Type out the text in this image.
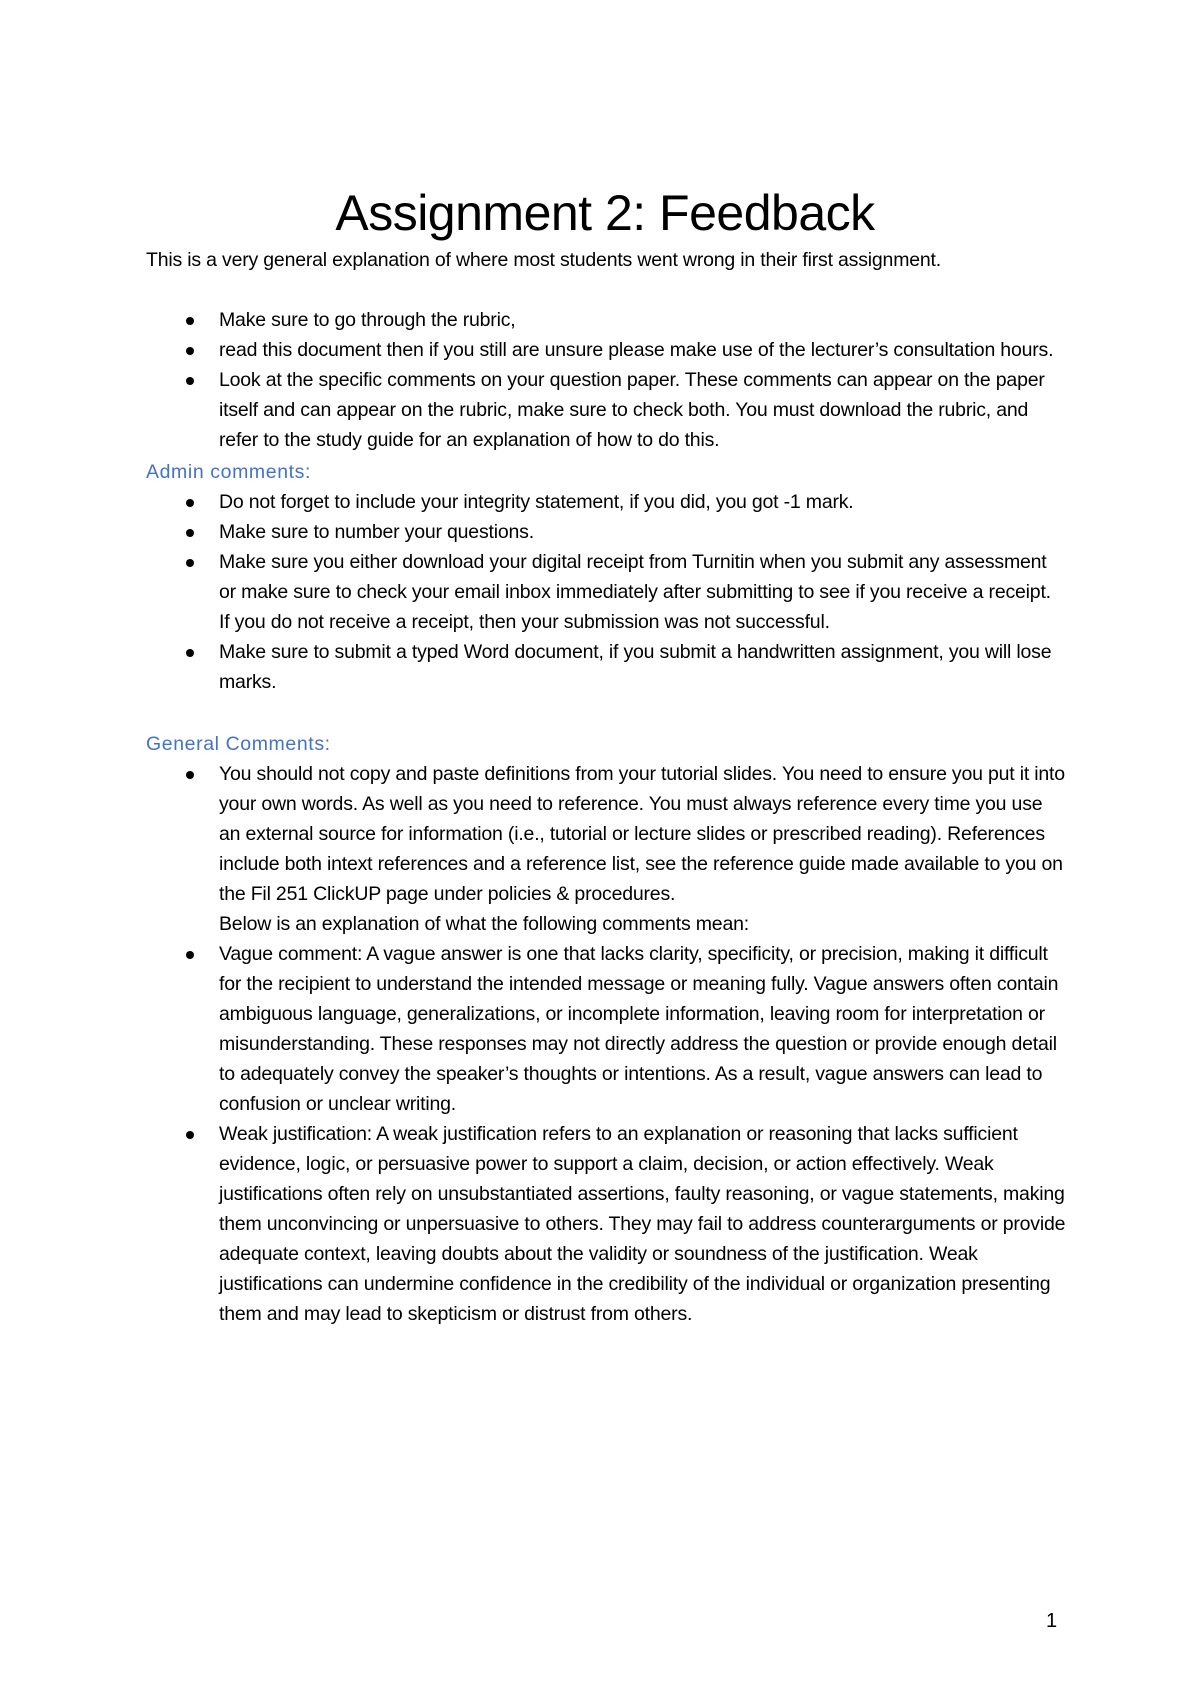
Assignment 2: Feedback

This is a very general explanation of where most students went wrong in their first assignment.

Make sure to go through the rubric,
read this document then if you still are unsure please make use of the lecturer’s consultation hours.
Look at the specific comments on your question paper. These comments can appear on the paper itself and can appear on the rubric, make sure to check both. You must download the rubric, and refer to the study guide for an explanation of how to do this.

Admin comments:

Do not forget to include your integrity statement, if you did, you got -1 mark.
Make sure to number your questions.
Make sure you either download your digital receipt from Turnitin when you submit any assessment or make sure to check your email inbox immediately after submitting to see if you receive a receipt. If you do not receive a receipt, then your submission was not successful.
Make sure to submit a typed Word document, if you submit a handwritten assignment, you will lose marks.

General Comments:

You should not copy and paste definitions from your tutorial slides. You need to ensure you put it into your own words. As well as you need to reference. You must always reference every time you use an external source for information (i.e., tutorial or lecture slides or prescribed reading). References include both intext references and a reference list, see the reference guide made available to you on the Fil 251 ClickUP page under policies & procedures.

Below is an explanation of what the following comments mean:

Vague comment: A vague answer is one that lacks clarity, specificity, or precision, making it difficult for the recipient to understand the intended message or meaning fully. Vague answers often contain ambiguous language, generalizations, or incomplete information, leaving room for interpretation or misunderstanding. These responses may not directly address the question or provide enough detail to adequately convey the speaker’s thoughts or intentions. As a result, vague answers can lead to confusion or unclear writing.
Weak justification: A weak justification refers to an explanation or reasoning that lacks sufficient evidence, logic, or persuasive power to support a claim, decision, or action effectively. Weak justifications often rely on unsubstantiated assertions, faulty reasoning, or vague statements, making them unconvincing or unpersuasive to others. They may fail to address counterarguments or provide adequate context, leaving doubts about the validity or soundness of the justification. Weak justifications can undermine confidence in the credibility of the individual or organization presenting them and may lead to skepticism or distrust from others.
1
